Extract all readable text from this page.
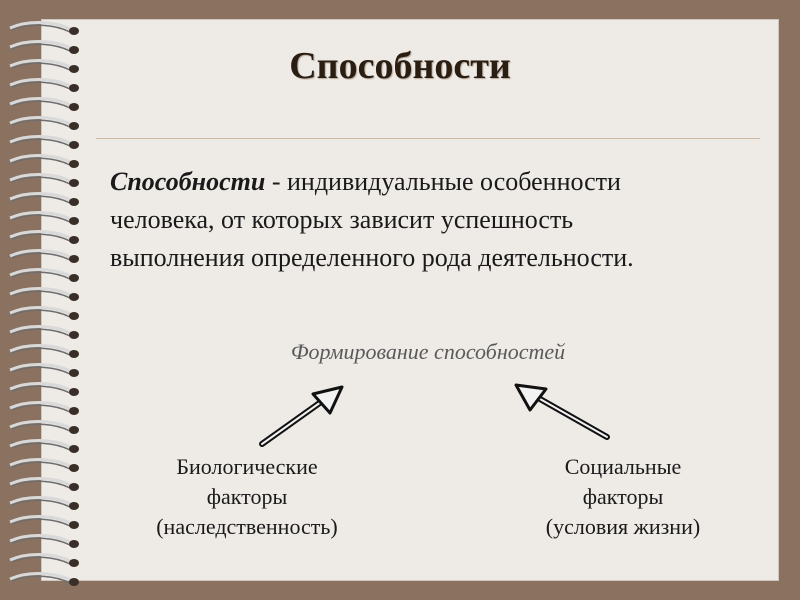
Способности
Способности - индивидуальные особенности
человека, от которых зависит успешность
выполнения определенного рода деятельности.
Формирование способностей
Биологические
факторы
(наследственность)
Социальные
факторы
(условия жизни)
